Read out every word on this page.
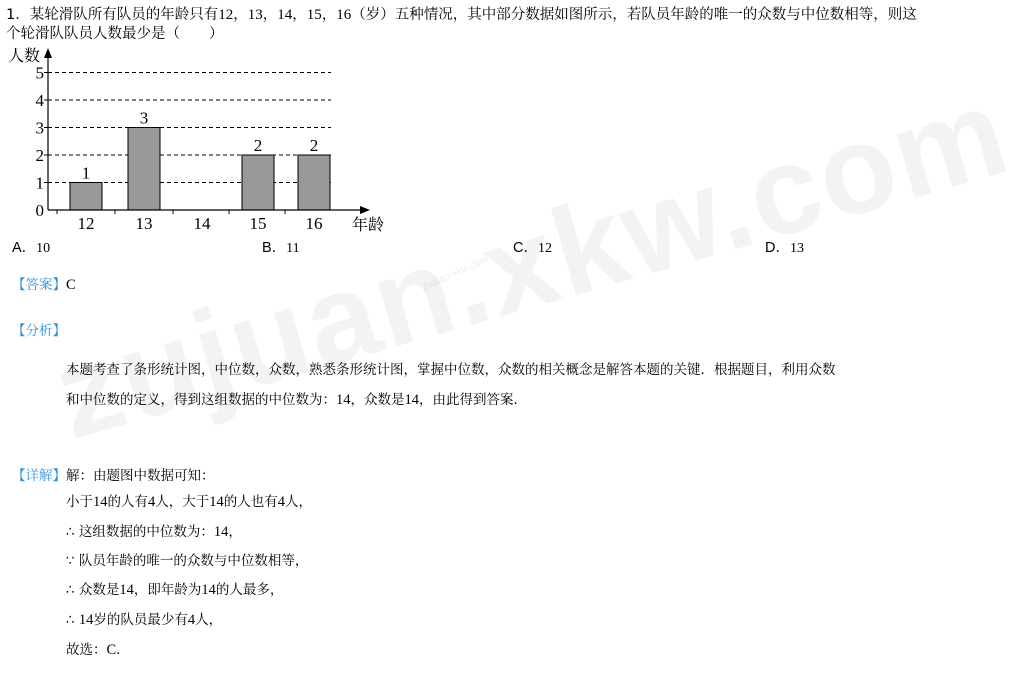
zujuan.xkw.com
1．某轮滑队所有队员的年龄只有12，13，14，15，16（岁）五种情况，其中部分数据如图所示，若队员年龄的唯一的众数与中位数相等，则这
个轮滑队队员人数最少是（　　）
1
3
2	2
0
1
2
3
4
5
12 13 14 15 16
人数
年龄
A．10	B．11	C．12	D．13
【答案】C
【分析】
本题考查了条形统计图，中位数，众数，熟悉条形统计图，掌握中位数，众数的相关概念是解答本题的关键．根据题目，利用众数
和中位数的定义，得到这组数据的中位数为：14，众数是14，由此得到答案．
【详解】解：由题图中数据可知：
小于14的人有4人，大于14的人也有4人，
∴ 这组数据的中位数为：14，
∵ 队员年龄的唯一的众数与中位数相等，
∴ 众数是14，即年龄为14的人最多，
∴ 14岁的队员最少有4人，
故选：C.
